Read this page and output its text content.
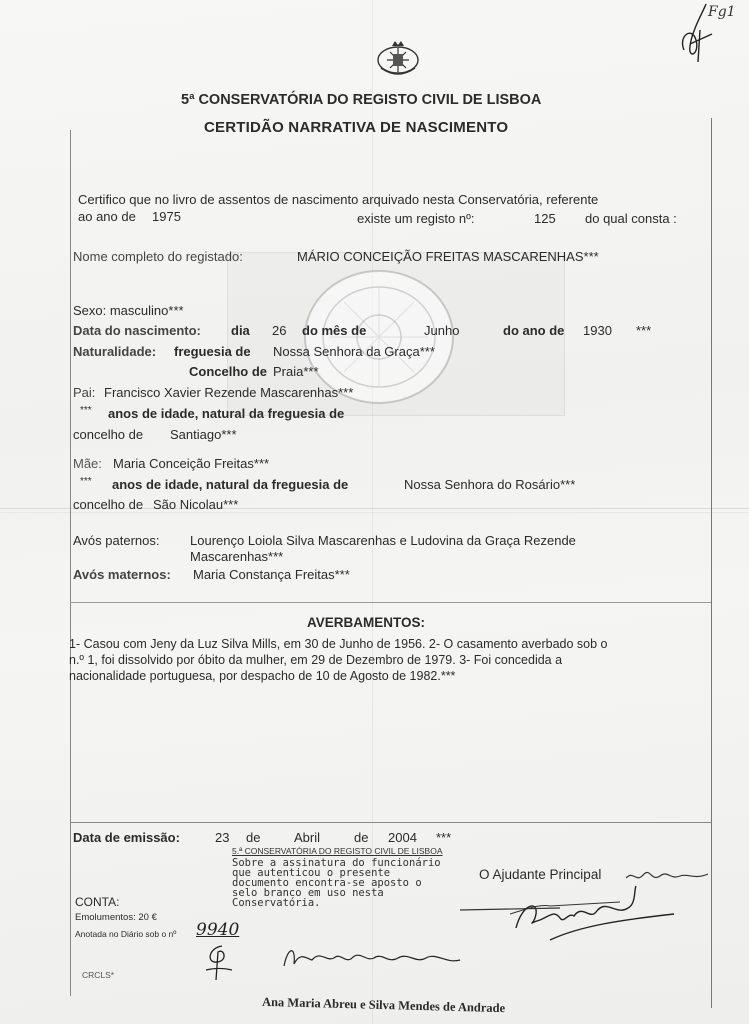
Fg1
5ª CONSERVATÓRIA DO REGISTO CIVIL DE LISBOA
CERTIDÃO NARRATIVA DE NASCIMENTO
Certifico que no livro de assentos de nascimento arquivado nesta Conservatória, referente
ao ano de 1975	existe um registo nº:	125 do qual consta :
Nome completo do registado:	MÁRIO CONCEIÇÃO FREITAS MASCARENHAS***
Sexo: masculino***
Data do nascimento: dia 26 do mês de	Junho	do ano de 1930 ***
Naturalidade: freguesia de Nossa Senhora da Graça***
Concelho de Praia***
Pai: Francisco Xavier Rezende Mascarenhas***
*** anos de idade, natural da freguesia de
concelho de Santiago***
Mãe: Maria Conceição Freitas***
*** anos de idade, natural da freguesia de	Nossa Senhora do Rosário***
concelho de São Nicolau***
Avós paternos: Lourenço Loiola Silva Mascarenhas e Ludovina da Graça Rezende
Mascarenhas***
Avós maternos: Maria Constança Freitas***
AVERBAMENTOS:
1- Casou com Jeny da Luz Silva Mills, em 30 de Junho de 1956. 2- O casamento averbado sob o
n.º 1, foi dissolvido por óbito da mulher, em 29 de Dezembro de 1979. 3- Foi concedida a
nacionalidade portuguesa, por despacho de 10 de Agosto de 1982.***
Data de emissão:	23 de	Abril	de 2004 ***
5.ª CONSERVATÓRIA DO REGISTO CIVIL DE LISBOA
Sobre a assinatura do funcionário
que autenticou o presente
documento encontra-se aposto o
selo branco em uso nesta
Conservatória.
O Ajudante Principal
CONTA:
Emolumentos: 20 €
Anotada no Diário sob o nº 9940
CRCLS*
Ana Maria Abreu e Silva Mendes de Andrade
